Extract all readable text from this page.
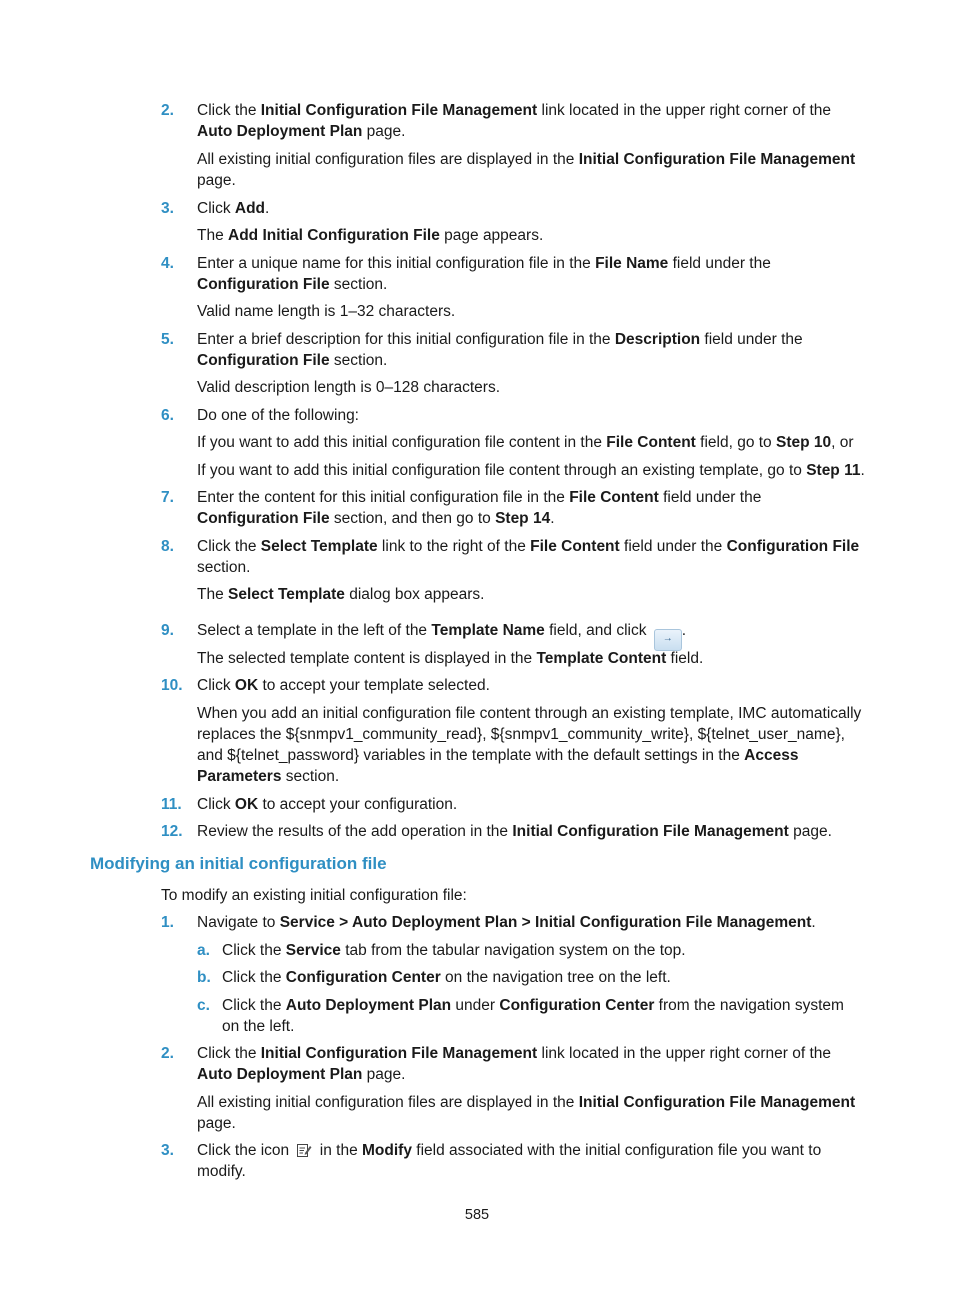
2. Click the Initial Configuration File Management link located in the upper right corner of the Auto Deployment Plan page.
All existing initial configuration files are displayed in the Initial Configuration File Management page.
3. Click Add.
The Add Initial Configuration File page appears.
4. Enter a unique name for this initial configuration file in the File Name field under the Configuration File section.
Valid name length is 1–32 characters.
5. Enter a brief description for this initial configuration file in the Description field under the Configuration File section.
Valid description length is 0–128 characters.
6. Do one of the following:
If you want to add this initial configuration file content in the File Content field, go to Step 10, or
If you want to add this initial configuration file content through an existing template, go to Step 11.
7. Enter the content for this initial configuration file in the File Content field under the Configuration File section, and then go to Step 14.
8. Click the Select Template link to the right of the File Content field under the Configuration File section.
The Select Template dialog box appears.
9. Select a template in the left of the Template Name field, and click → .
The selected template content is displayed in the Template Content field.
10. Click OK to accept your template selected.
When you add an initial configuration file content through an existing template, IMC automatically replaces the ${snmpv1_community_read}, ${snmpv1_community_write}, ${telnet_user_name}, and ${telnet_password} variables in the template with the default settings in the Access Parameters section.
11. Click OK to accept your configuration.
12. Review the results of the add operation in the Initial Configuration File Management page.
Modifying an initial configuration file
To modify an existing initial configuration file:
1. Navigate to Service > Auto Deployment Plan > Initial Configuration File Management.
a. Click the Service tab from the tabular navigation system on the top.
b. Click the Configuration Center on the navigation tree on the left.
c. Click the Auto Deployment Plan under Configuration Center from the navigation system on the left.
2. Click the Initial Configuration File Management link located in the upper right corner of the Auto Deployment Plan page.
All existing initial configuration files are displayed in the Initial Configuration File Management page.
3. Click the icon
in the Modify field associated with the initial configuration file you want to modify.
585
